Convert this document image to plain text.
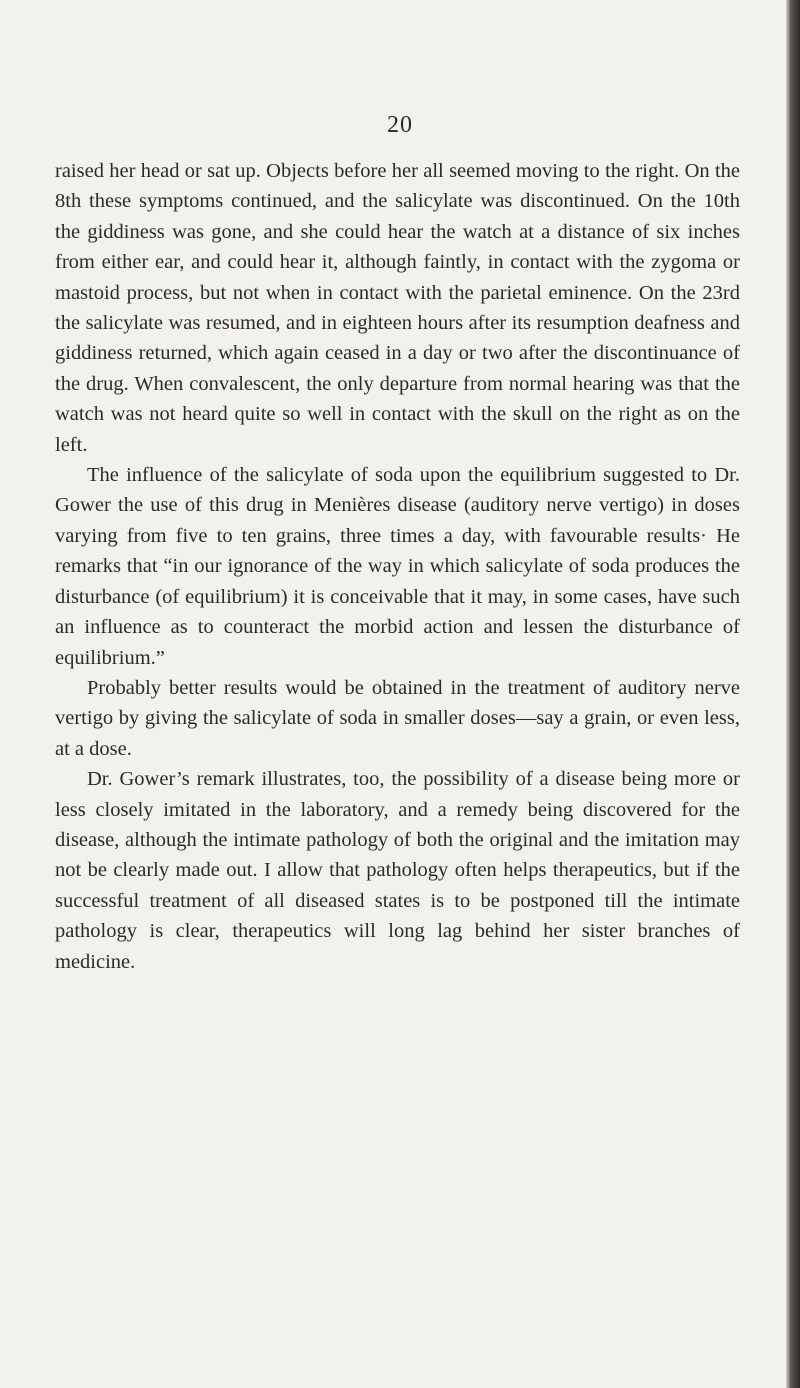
20

raised her head or sat up. Objects before her all seemed moving to the right. On the 8th these symptoms continued, and the salicylate was discontinued. On the 10th the giddiness was gone, and she could hear the watch at a distance of six inches from either ear, and could hear it, although faintly, in contact with the zygoma or mastoid process, but not when in contact with the parietal eminence. On the 23rd the salicylate was resumed, and in eighteen hours after its resumption deafness and giddiness returned, which again ceased in a day or two after the discontinuance of the drug. When convalescent, the only departure from normal hearing was that the watch was not heard quite so well in contact with the skull on the right as on the left.

The influence of the salicylate of soda upon the equilibrium suggested to Dr. Gower the use of this drug in Menières disease (auditory nerve vertigo) in doses varying from five to ten grains, three times a day, with favourable results· He remarks that “in our ignorance of the way in which salicylate of soda produces the disturbance (of equilibrium) it is conceivable that it may, in some cases, have such an influence as to counteract the morbid action and lessen the disturbance of equilibrium.”

Probably better results would be obtained in the treatment of auditory nerve vertigo by giving the salicylate of soda in smaller doses—say a grain, or even less, at a dose.

Dr. Gower’s remark illustrates, too, the possibility of a disease being more or less closely imitated in the laboratory, and a remedy being discovered for the disease, although the intimate pathology of both the original and the imitation may not be clearly made out. I allow that pathology often helps therapeutics, but if the successful treatment of all diseased states is to be postponed till the intimate pathology is clear, therapeutics will long lag behind her sister branches of medicine.
